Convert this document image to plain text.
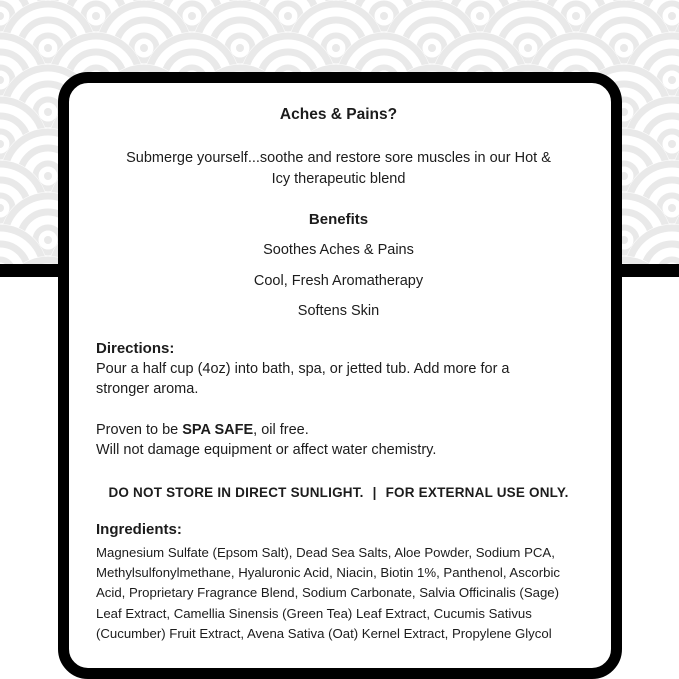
Aches & Pains?
Submerge yourself...soothe and restore sore muscles in our Hot &
Icy therapeutic blend
Benefits
Soothes Aches & Pains
Cool, Fresh Aromatherapy
Softens Skin
Directions:
Pour a half cup (4oz) into bath, spa, or jetted tub. Add more for a
stronger aroma.
Proven to be SPA SAFE, oil free.
Will not damage equipment or affect water chemistry.
DO NOT STORE IN DIRECT SUNLIGHT. | FOR EXTERNAL USE ONLY.
Ingredients:
Magnesium Sulfate (Epsom Salt), Dead Sea Salts, Aloe Powder, Sodium PCA,
Methylsulfonylmethane, Hyaluronic Acid, Niacin, Biotin 1%, Panthenol, Ascorbic
Acid, Proprietary Fragrance Blend, Sodium Carbonate, Salvia Officinalis (Sage)
Leaf Extract, Camellia Sinensis (Green Tea) Leaf Extract, Cucumis Sativus
(Cucumber) Fruit Extract, Avena Sativa (Oat) Kernel Extract, Propylene Glycol
